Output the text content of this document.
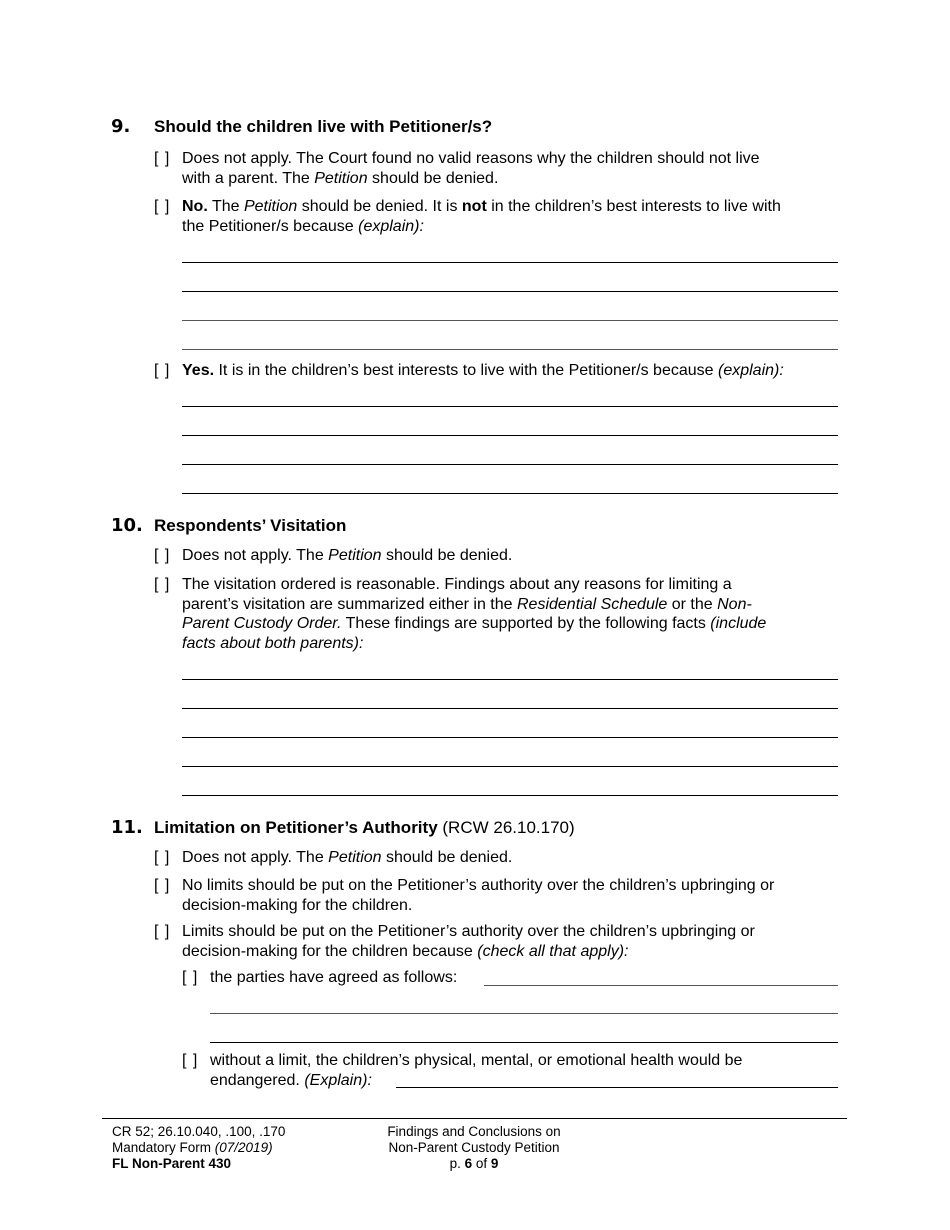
9. Should the children live with Petitioner/s?
[ ] Does not apply. The Court found no valid reasons why the children should not live
with a parent. The Petition should be denied.
[ ] No. The Petition should be denied. It is not in the children’s best interests to live with
the Petitioner/s because (explain):
[ ] Yes. It is in the children’s best interests to live with the Petitioner/s because (explain):
10. Respondents’ Visitation
[ ] Does not apply. The Petition should be denied.
[ ] The visitation ordered is reasonable. Findings about any reasons for limiting a
parent’s visitation are summarized either in the Residential Schedule or the Non-
Parent Custody Order. These findings are supported by the following facts (include
facts about both parents):
11. Limitation on Petitioner’s Authority (RCW 26.10.170)
[ ] Does not apply. The Petition should be denied.
[ ] No limits should be put on the Petitioner’s authority over the children’s upbringing or
decision-making for the children.
[ ] Limits should be put on the Petitioner’s authority over the children’s upbringing or
decision-making for the children because (check all that apply):
[ ] the parties have agreed as follows:
[ ] without a limit, the children’s physical, mental, or emotional health would be
endangered. (Explain):
CR 52; 26.10.040, .100, .170
Mandatory Form (07/2019)
FL Non-Parent 430
Findings and Conclusions on
Non-Parent Custody Petition
p. 6 of 9
